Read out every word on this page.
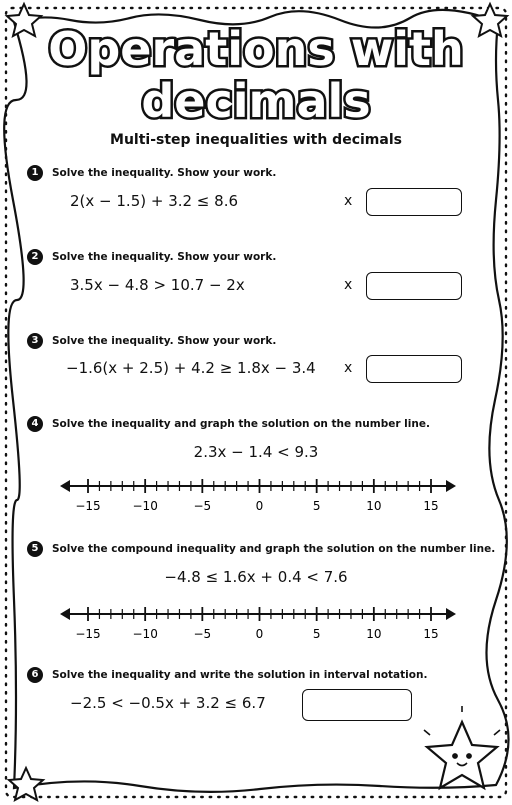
Operations with
decimals
Multi-step inequalities with decimals
1	Solve the inequality. Show your work.
2(x − 1.5) + 3.2 ≤ 8.6	x
2	Solve the inequality. Show your work.
3.5x − 4.8 > 10.7 − 2x	x
3	Solve the inequality. Show your work.
−1.6(x + 2.5) + 4.2 ≥ 1.8x − 3.4 x
4	Solve the inequality and graph the solution on the number line.
2.3x − 1.4 < 9.3
−15	−10	−5	0	5	10	15
5	Solve the compound inequality and graph the solution on the number line.
−4.8 ≤ 1.6x + 0.4 < 7.6
−15	−10	−5	0	5	10	15
6	Solve the inequality and write the solution in interval notation.
−2.5 < −0.5x + 3.2 ≤ 6.7
